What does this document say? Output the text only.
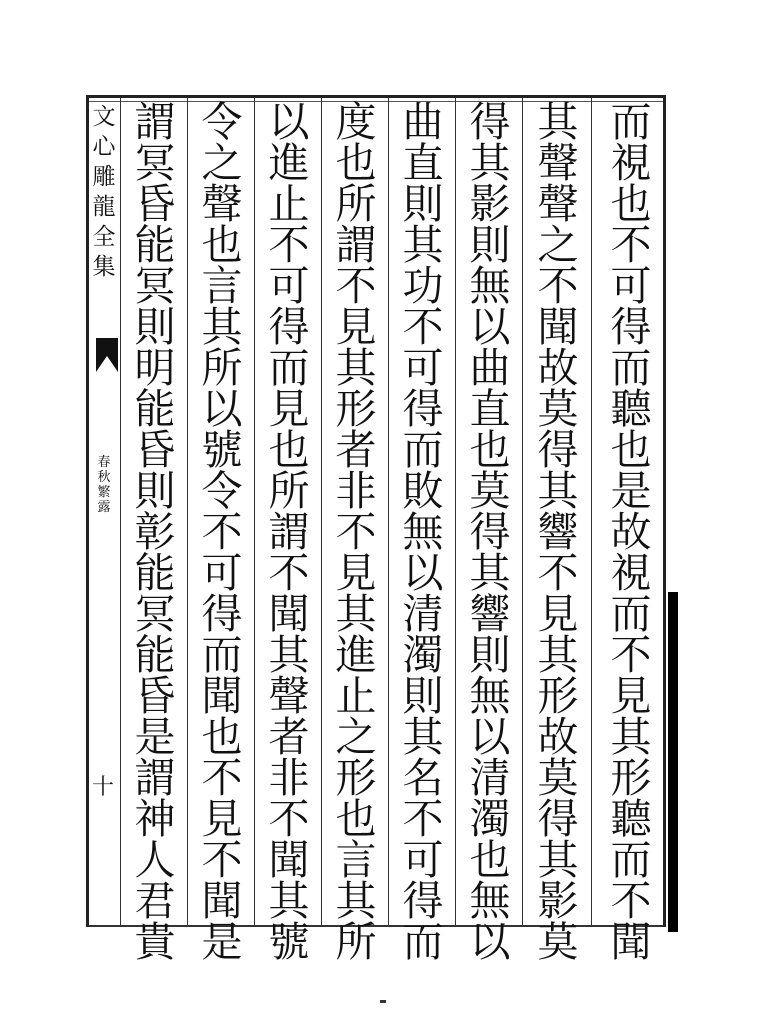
文
心
雕
龍
全
集
春
秋
繁
露
十
而
視
也
不
可
得
而
聽
也
是
故
視
而
不
見
其
形
聽
而
不
聞
其
聲
聲
之
不
聞
故
莫
得
其
響
不
見
其
形
故
莫
得
其
影
莫
得
其
影
則
無
以
曲
直
也
莫
得
其
響
則
無
以
清
濁
也
無
以
曲
直
則
其
功
不
可
得
而
敗
無
以
清
濁
則
其
名
不
可
得
而
度
也
所
謂
不
見
其
形
者
非
不
見
其
進
止
之
形
也
言
其
所
以
進
止
不
可
得
而
見
也
所
謂
不
聞
其
聲
者
非
不
聞
其
號
令
之
聲
也
言
其
所
以
號
令
不
可
得
而
聞
也
不
見
不
聞
是
謂
冥
昏
能
冥
則
明
能
昏
則
彰
能
冥
能
昏
是
謂
神
人
君
貴
